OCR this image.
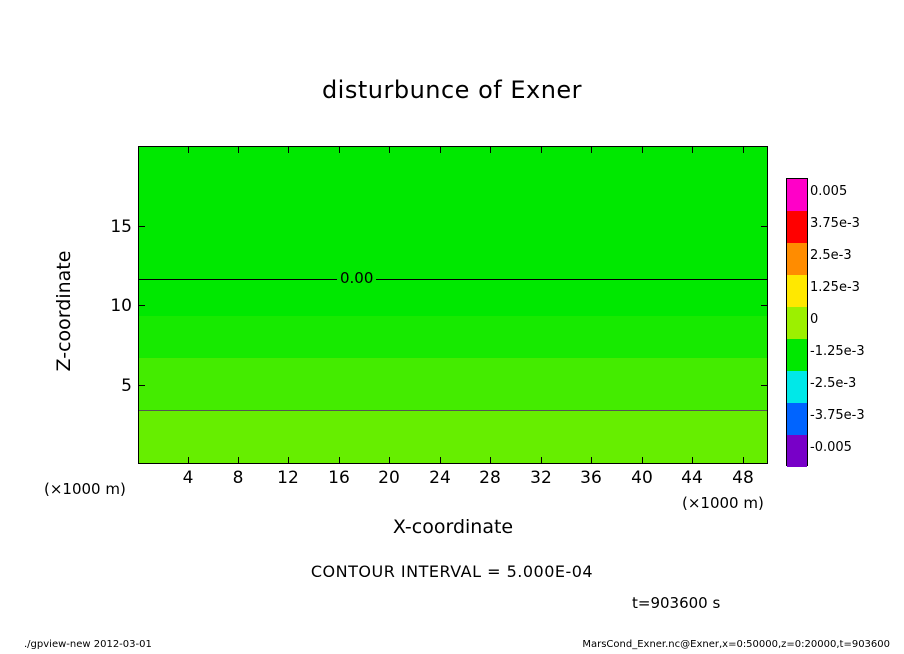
disturbunce of Exner
0.00
4	8	12	16	20	24	28	32	36	40	44	48
5
10
15
Z-coordinate
X-coordinate
(×1000 m)
(×1000 m)
CONTOUR INTERVAL = 5.000E-04
t=903600 s
./gpview-new 2012-03-01	MarsCond_Exner.nc@Exner,x=0:50000,z=0:20000,t=903600
0.005
3.75e-3
2.5e-3
1.25e-3
0
-1.25e-3
-2.5e-3
-3.75e-3
-0.005
